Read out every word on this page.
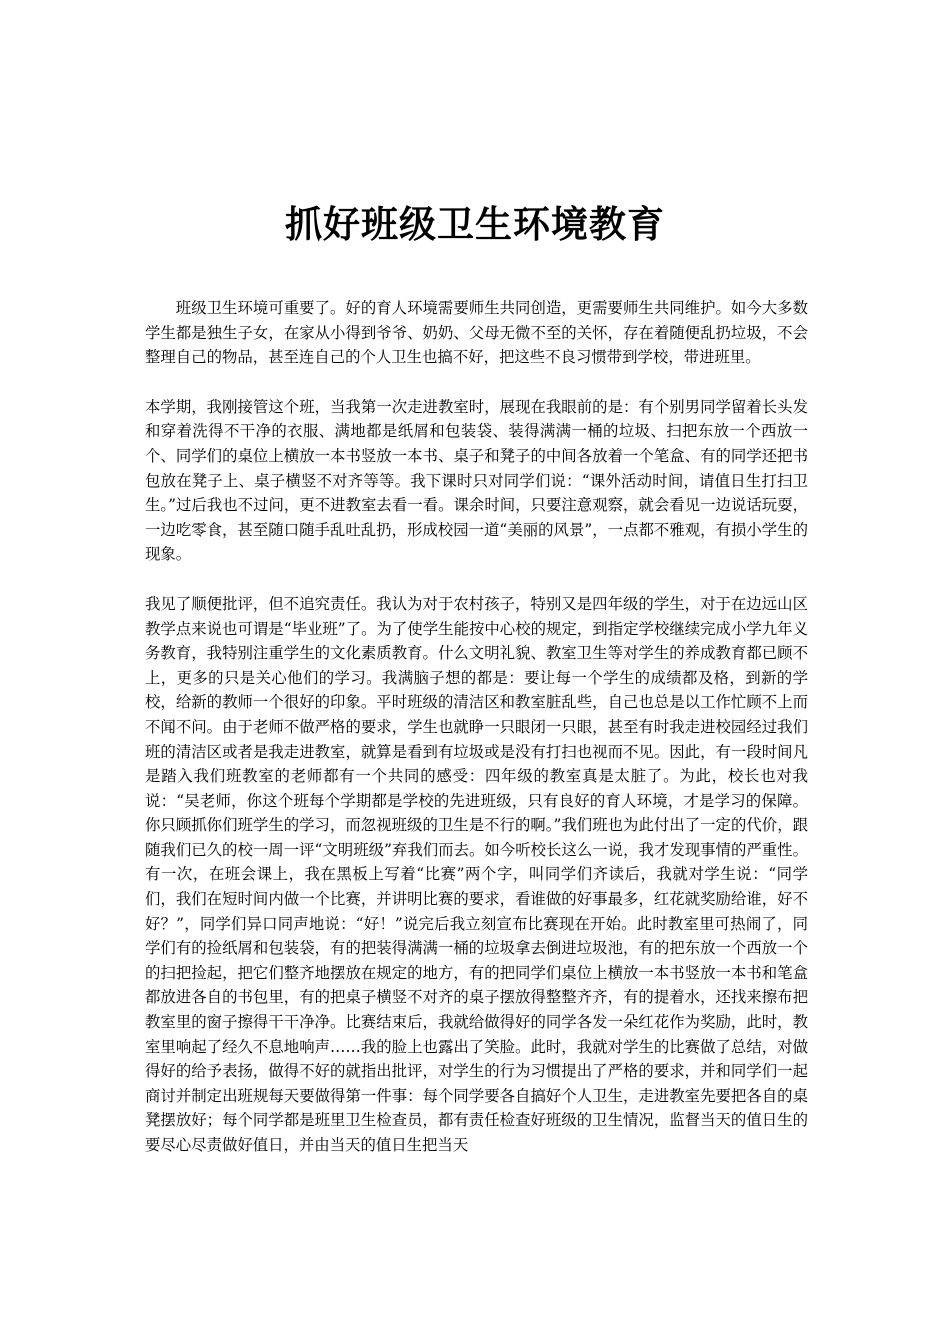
抓好班级卫生环境教育

班级卫生环境可重要了。好的育人环境需要师生共同创造，更需要师生共同维护。如今大多数学生都是独生子女，在家从小得到爷爷、奶奶、父母无微不至的关怀，存在着随便乱扔垃圾，不会整理自己的物品，甚至连自己的个人卫生也搞不好，把这些不良习惯带到学校，带进班里。

本学期，我刚接管这个班，当我第一次走进教室时，展现在我眼前的是：有个别男同学留着长头发和穿着洗得不干净的衣服、满地都是纸屑和包装袋、装得满满一桶的垃圾、扫把东放一个西放一个、同学们的桌位上横放一本书竖放一本书、桌子和凳子的中间各放着一个笔盒、有的同学还把书包放在凳子上、桌子横竖不对齐等等。我下课时只对同学们说：“课外活动时间，请值日生打扫卫生。”过后我也不过问，更不进教室去看一看。课余时间，只要注意观察，就会看见一边说话玩耍，一边吃零食，甚至随口随手乱吐乱扔，形成校园一道“美丽的风景”，一点都不雅观，有损小学生的现象。

我见了顺便批评，但不追究责任。我认为对于农村孩子，特别又是四年级的学生，对于在边远山区教学点来说也可谓是“毕业班”了。为了使学生能按中心校的规定，到指定学校继续完成小学九年义务教育，我特别注重学生的文化素质教育。什么文明礼貌、教室卫生等对学生的养成教育都已顾不上，更多的只是关心他们的学习。我满脑子想的都是：要让每一个学生的成绩都及格，到新的学校，给新的教师一个很好的印象。平时班级的清洁区和教室脏乱些，自己也总是以工作忙顾不上而不闻不问。由于老师不做严格的要求，学生也就睁一只眼闭一只眼，甚至有时我走进校园经过我们班的清洁区或者是我走进教室，就算是看到有垃圾或是没有打扫也视而不见。因此，有一段时间凡是踏入我们班教室的老师都有一个共同的感受：四年级的教室真是太脏了。为此，校长也对我说：“吴老师，你这个班每个学期都是学校的先进班级，只有良好的育人环境，才是学习的保障。你只顾抓你们班学生的学习，而忽视班级的卫生是不行的啊。”我们班也为此付出了一定的代价，跟随我们已久的校一周一评“文明班级”弃我们而去。如今听校长这么一说，我才发现事情的严重性。有一次，在班会课上，我在黑板上写着“比赛”两个字，叫同学们齐读后，我就对学生说：“同学们，我们在短时间内做一个比赛，并讲明比赛的要求，看谁做的好事最多，红花就奖励给谁，好不好？”，同学们异口同声地说：“好！”说完后我立刻宣布比赛现在开始。此时教室里可热闹了，同学们有的捡纸屑和包装袋，有的把装得满满一桶的垃圾拿去倒进垃圾池，有的把东放一个西放一个的扫把捡起，把它们整齐地摆放在规定的地方，有的把同学们桌位上横放一本书竖放一本书和笔盒都放进各自的书包里，有的把桌子横竖不对齐的桌子摆放得整整齐齐，有的提着水，还找来擦布把教室里的窗子擦得干干净净。比赛结束后，我就给做得好的同学各发一朵红花作为奖励，此时，教室里响起了经久不息地响声……我的脸上也露出了笑脸。此时，我就对学生的比赛做了总结，对做得好的给予表扬，做得不好的就指出批评，对学生的行为习惯提出了严格的要求，并和同学们一起商讨并制定出班规每天要做得第一件事：每个同学要各自搞好个人卫生，走进教室先要把各自的桌凳摆放好；每个同学都是班里卫生检查员，都有责任检查好班级的卫生情况，监督当天的值日生的要尽心尽责做好值日，并由当天的值日生把当天
